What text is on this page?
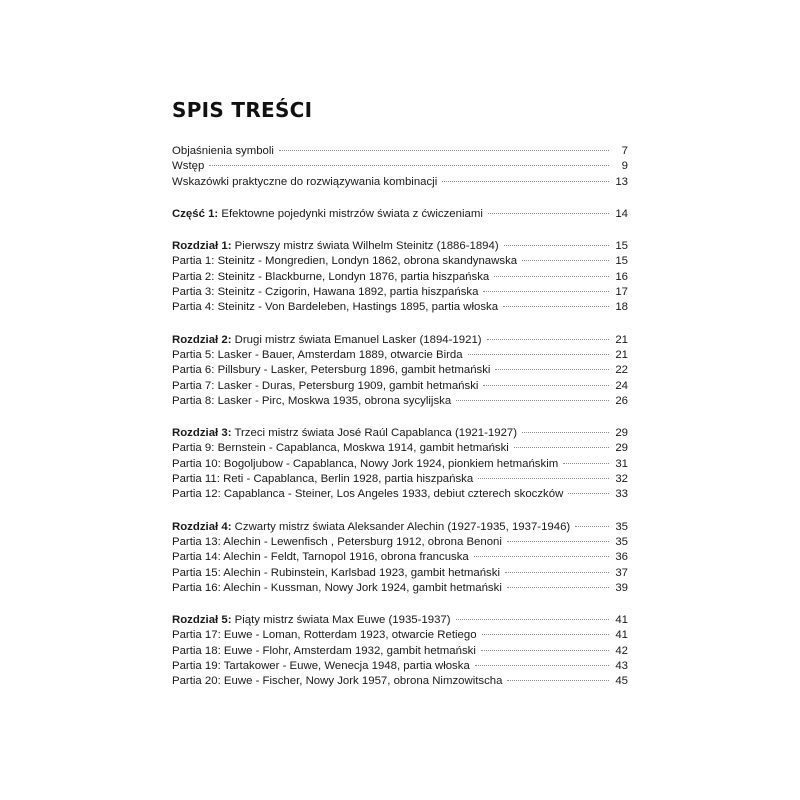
SPIS TREŚCI
Objaśnienia symboli	7
Wstęp	9
Wskazówki praktyczne do rozwiązywania kombinacji	13
Część 1: Efektowne pojedynki mistrzów świata z ćwiczeniami	14
Rozdział 1: Pierwszy mistrz świata Wilhelm Steinitz (1886-1894)	15
Partia 1: Steinitz - Mongredien, Londyn 1862, obrona skandynawska	15
Partia 2: Steinitz - Blackburne, Londyn 1876, partia hiszpańska	16
Partia 3: Steinitz - Czigorin, Hawana 1892, partia hiszpańska	17
Partia 4: Steinitz - Von Bardeleben, Hastings 1895, partia włoska	18
Rozdział 2: Drugi mistrz świata Emanuel Lasker (1894-1921)	21
Partia 5: Lasker - Bauer, Amsterdam 1889, otwarcie Birda	21
Partia 6: Pillsbury - Lasker, Petersburg 1896, gambit hetmański	22
Partia 7: Lasker - Duras, Petersburg 1909, gambit hetmański	24
Partia 8: Lasker - Pirc, Moskwa 1935, obrona sycylijska	26
Rozdział 3: Trzeci mistrz świata José Raúl Capablanca (1921-1927)	29
Partia 9: Bernstein - Capablanca, Moskwa 1914, gambit hetmański	29
Partia 10: Bogoljubow - Capablanca, Nowy Jork 1924, pionkiem hetmańskim	31
Partia 11: Reti - Capablanca, Berlin 1928, partia hiszpańska	32
Partia 12: Capablanca - Steiner, Los Angeles 1933, debiut czterech skoczków	33
Rozdział 4: Czwarty mistrz świata Aleksander Alechin (1927-1935, 1937-1946)	35
Partia 13: Alechin - Lewenfisch , Petersburg 1912, obrona Benoni	35
Partia 14: Alechin - Feldt, Tarnopol 1916, obrona francuska	36
Partia 15: Alechin - Rubinstein, Karlsbad 1923, gambit hetmański	37
Partia 16: Alechin - Kussman, Nowy Jork 1924, gambit hetmański	39
Rozdział 5: Piąty mistrz świata Max Euwe (1935-1937)	41
Partia 17: Euwe - Loman, Rotterdam 1923, otwarcie Retiego	41
Partia 18: Euwe - Flohr, Amsterdam 1932, gambit hetmański	42
Partia 19: Tartakower - Euwe, Wenecja 1948, partia włoska	43
Partia 20: Euwe - Fischer, Nowy Jork 1957, obrona Nimzowitscha	45
